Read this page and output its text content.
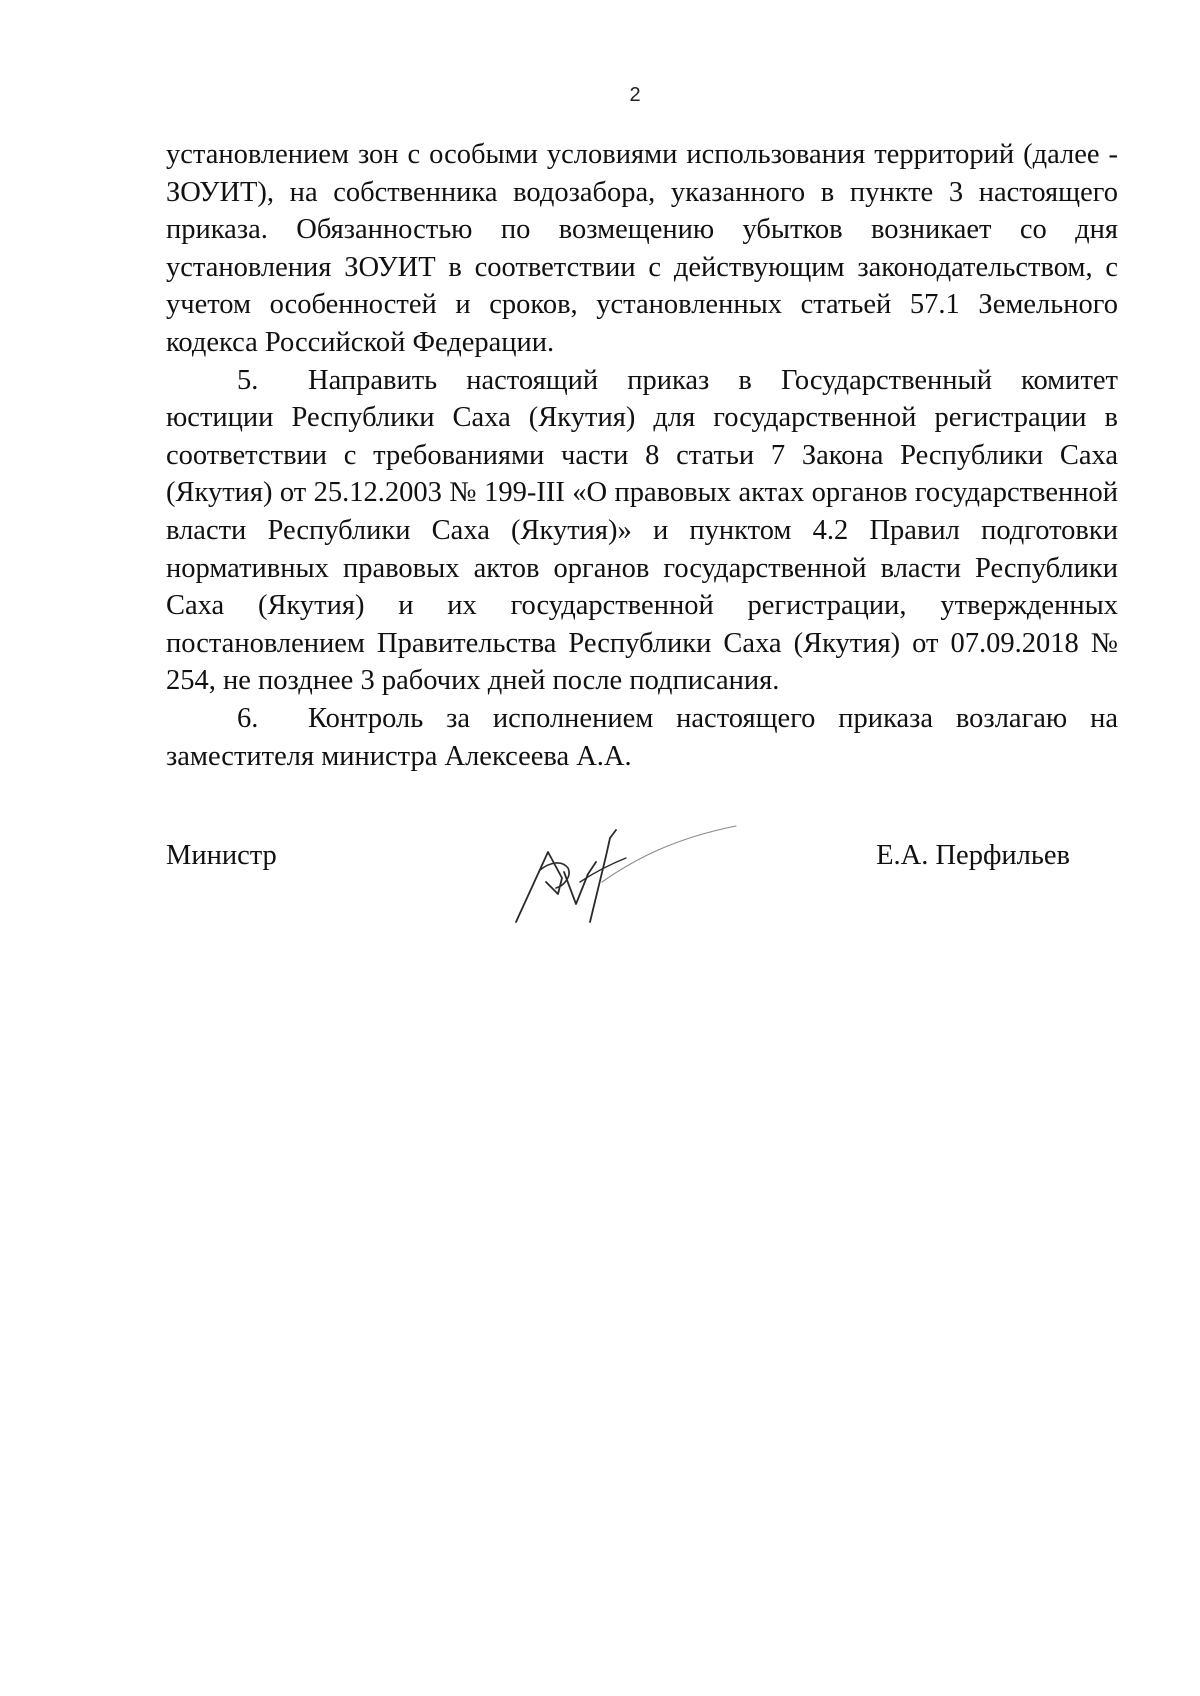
2

установлением зон с особыми условиями использования территорий (далее - ЗОУИТ), на собственника водозабора, указанного в пункте 3 настоящего приказа. Обязанностью по возмещению убытков возникает со дня установления ЗОУИТ в соответствии с действующим законодательством, с учетом особенностей и сроков, установленных статьей 57.1 Земельного кодекса Российской Федерации.

5. Направить настоящий приказ в Государственный комитет юстиции Республики Саха (Якутия) для государственной регистрации в соответствии с требованиями части 8 статьи 7 Закона Республики Саха (Якутия) от 25.12.2003 № 199-III «О правовых актах органов государственной власти Республики Саха (Якутия)» и пунктом 4.2 Правил подготовки нормативных правовых актов органов государственной власти Республики Саха (Якутия) и их государственной регистрации, утвержденных постановлением Правительства Республики Саха (Якутия) от 07.09.2018 № 254, не позднее 3 рабочих дней после подписания.

6. Контроль за исполнением настоящего приказа возлагаю на заместителя министра Алексеева А.А.

Министр	Е.А. Перфильев
